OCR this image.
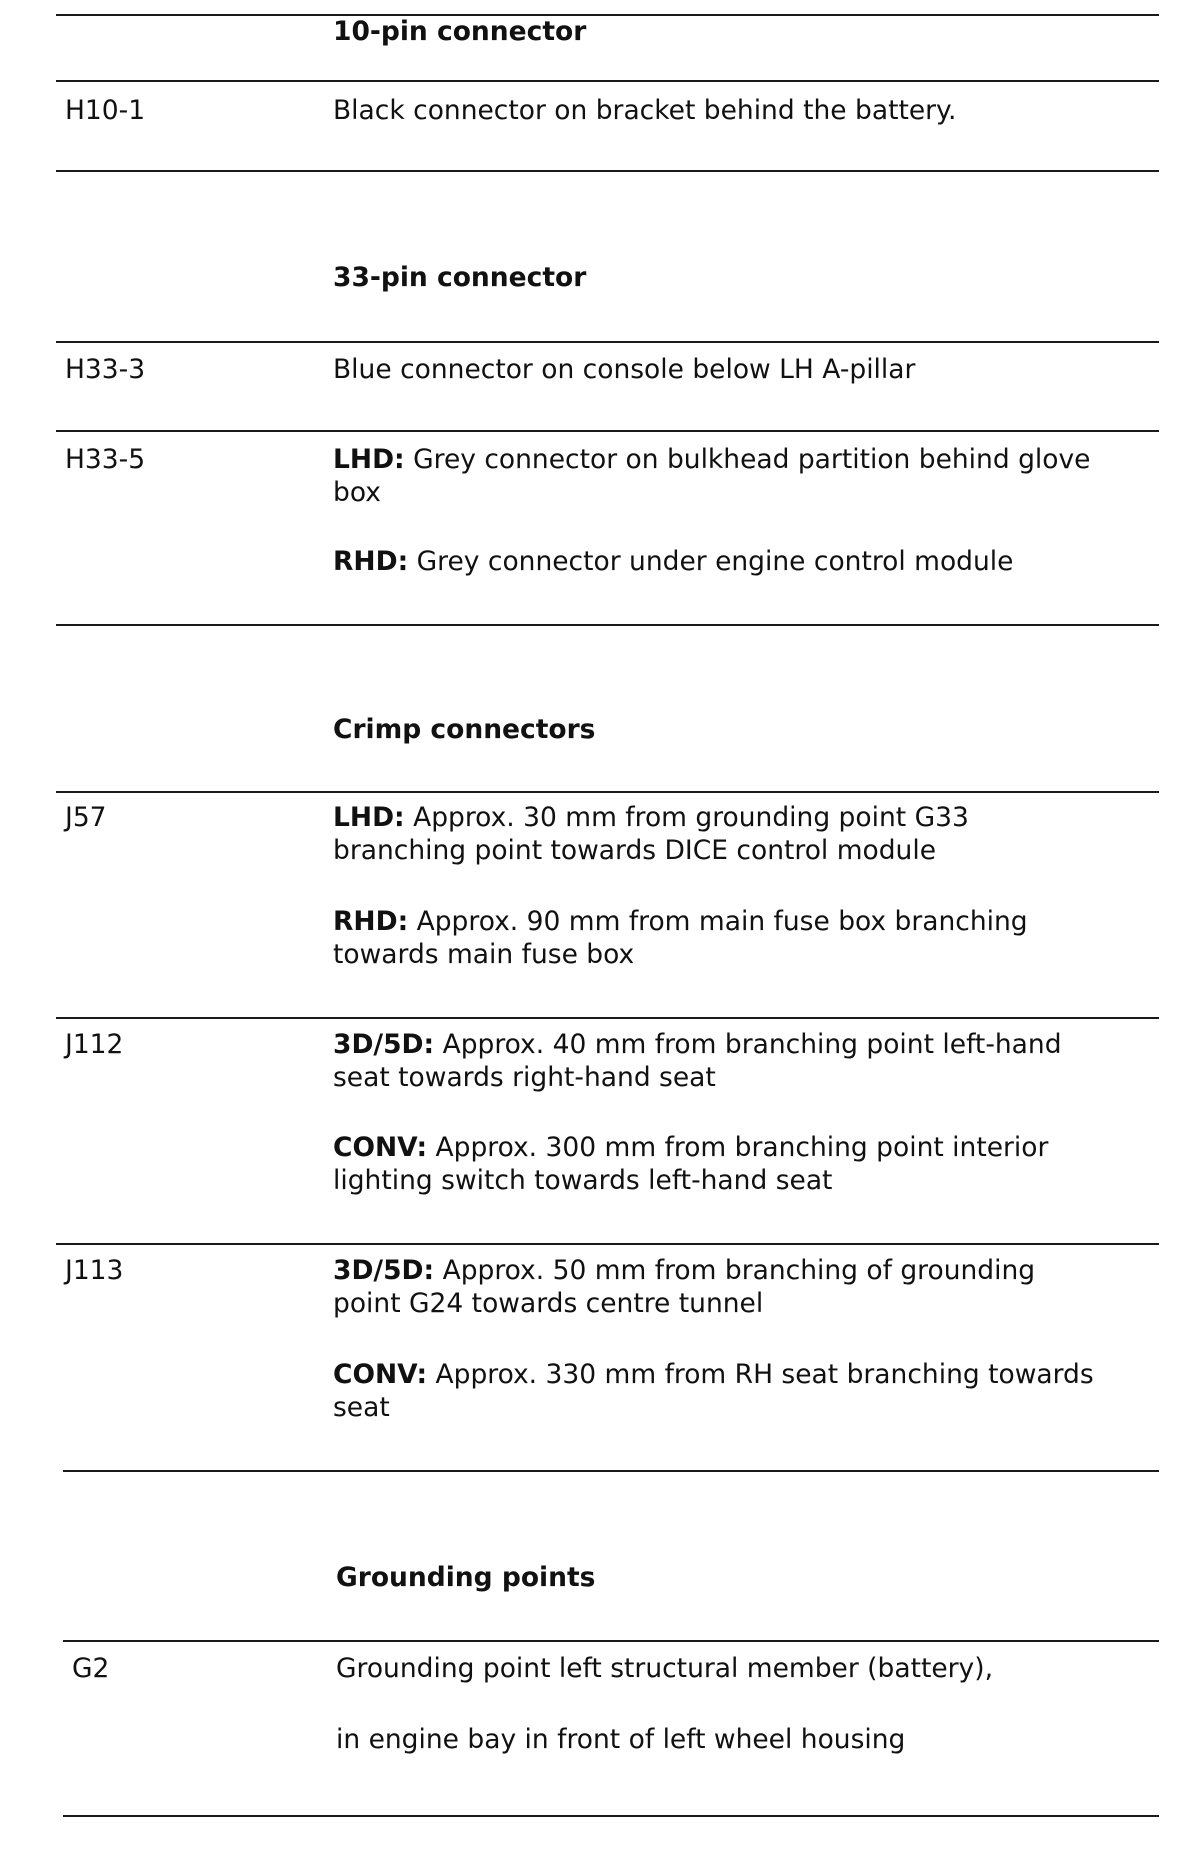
10-pin connector
H10-1	Black connector on bracket behind the battery.
33-pin connector
H33-3	Blue connector on console below LH A-pillar
H33-5	LHD: Grey connector on bulkhead partition behind glove
box
RHD: Grey connector under engine control module
Crimp connectors
J57	LHD: Approx. 30 mm from grounding point G33
branching point towards DICE control module
RHD: Approx. 90 mm from main fuse box branching
towards main fuse box
J112	3D/5D: Approx. 40 mm from branching point left-hand
seat towards right-hand seat
CONV: Approx. 300 mm from branching point interior
lighting switch towards left-hand seat
J113	3D/5D: Approx. 50 mm from branching of grounding
point G24 towards centre tunnel
CONV: Approx. 330 mm from RH seat branching towards
seat
Grounding points
G2	Grounding point left structural member (battery),
in engine bay in front of left wheel housing
